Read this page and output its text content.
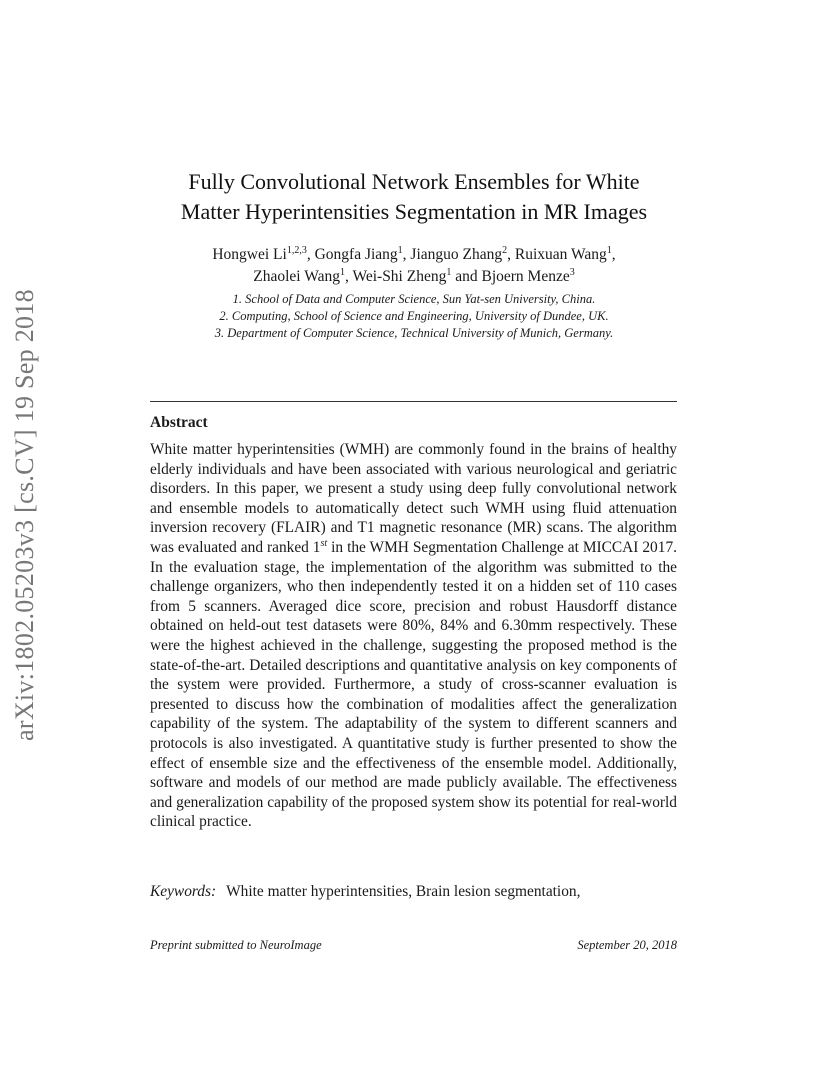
arXiv:1802.05203v3 [cs.CV] 19 Sep 2018
Fully Convolutional Network Ensembles for White
Matter Hyperintensities Segmentation in MR Images
Hongwei Li$^{1,2,3}$, Gongfa Jiang$^1$, Jianguo Zhang$^2$, Ruixuan Wang$^1$,
Zhaolei Wang$^1$, Wei-Shi Zheng$^1$ and Bjoern Menze$^3$
1. School of Data and Computer Science, Sun Yat-sen University, China.
2. Computing, School of Science and Engineering, University of Dundee, UK.
3. Department of Computer Science, Technical University of Munich, Germany.
Abstract
White matter hyperintensities (WMH) are commonly found in the brains of healthy elderly individuals and have been associated with various neurological and geriatric disorders. In this paper, we present a study using deep fully convolutional network and ensemble models to automatically detect such WMH using fluid attenuation inversion recovery (FLAIR) and T1 magnetic resonance (MR) scans. The algorithm was evaluated and ranked 1st in the WMH Segmentation Challenge at MICCAI 2017. In the evaluation stage, the implementation of the algorithm was submitted to the challenge organizers, who then independently tested it on a hidden set of 110 cases from 5 scanners. Averaged dice score, precision and robust Hausdorff distance obtained on held-out test datasets were 80%, 84% and 6.30mm respectively. These were the highest achieved in the challenge, suggesting the proposed method is the state-of-the-art. Detailed descriptions and quantitative analysis on key components of the system were provided. Furthermore, a study of cross-scanner evaluation is presented to discuss how the combination of modalities affect the generalization capability of the system. The adaptability of the system to different scanners and protocols is also investigated. A quantitative study is further presented to show the effect of ensemble size and the effectiveness of the ensemble model. Additionally, software and models of our method are made publicly available. The effectiveness and generalization capability of the proposed system show its potential for real-world clinical practice.
Keywords: White matter hyperintensities, Brain lesion segmentation,
Preprint submitted to NeuroImage	September 20, 2018
